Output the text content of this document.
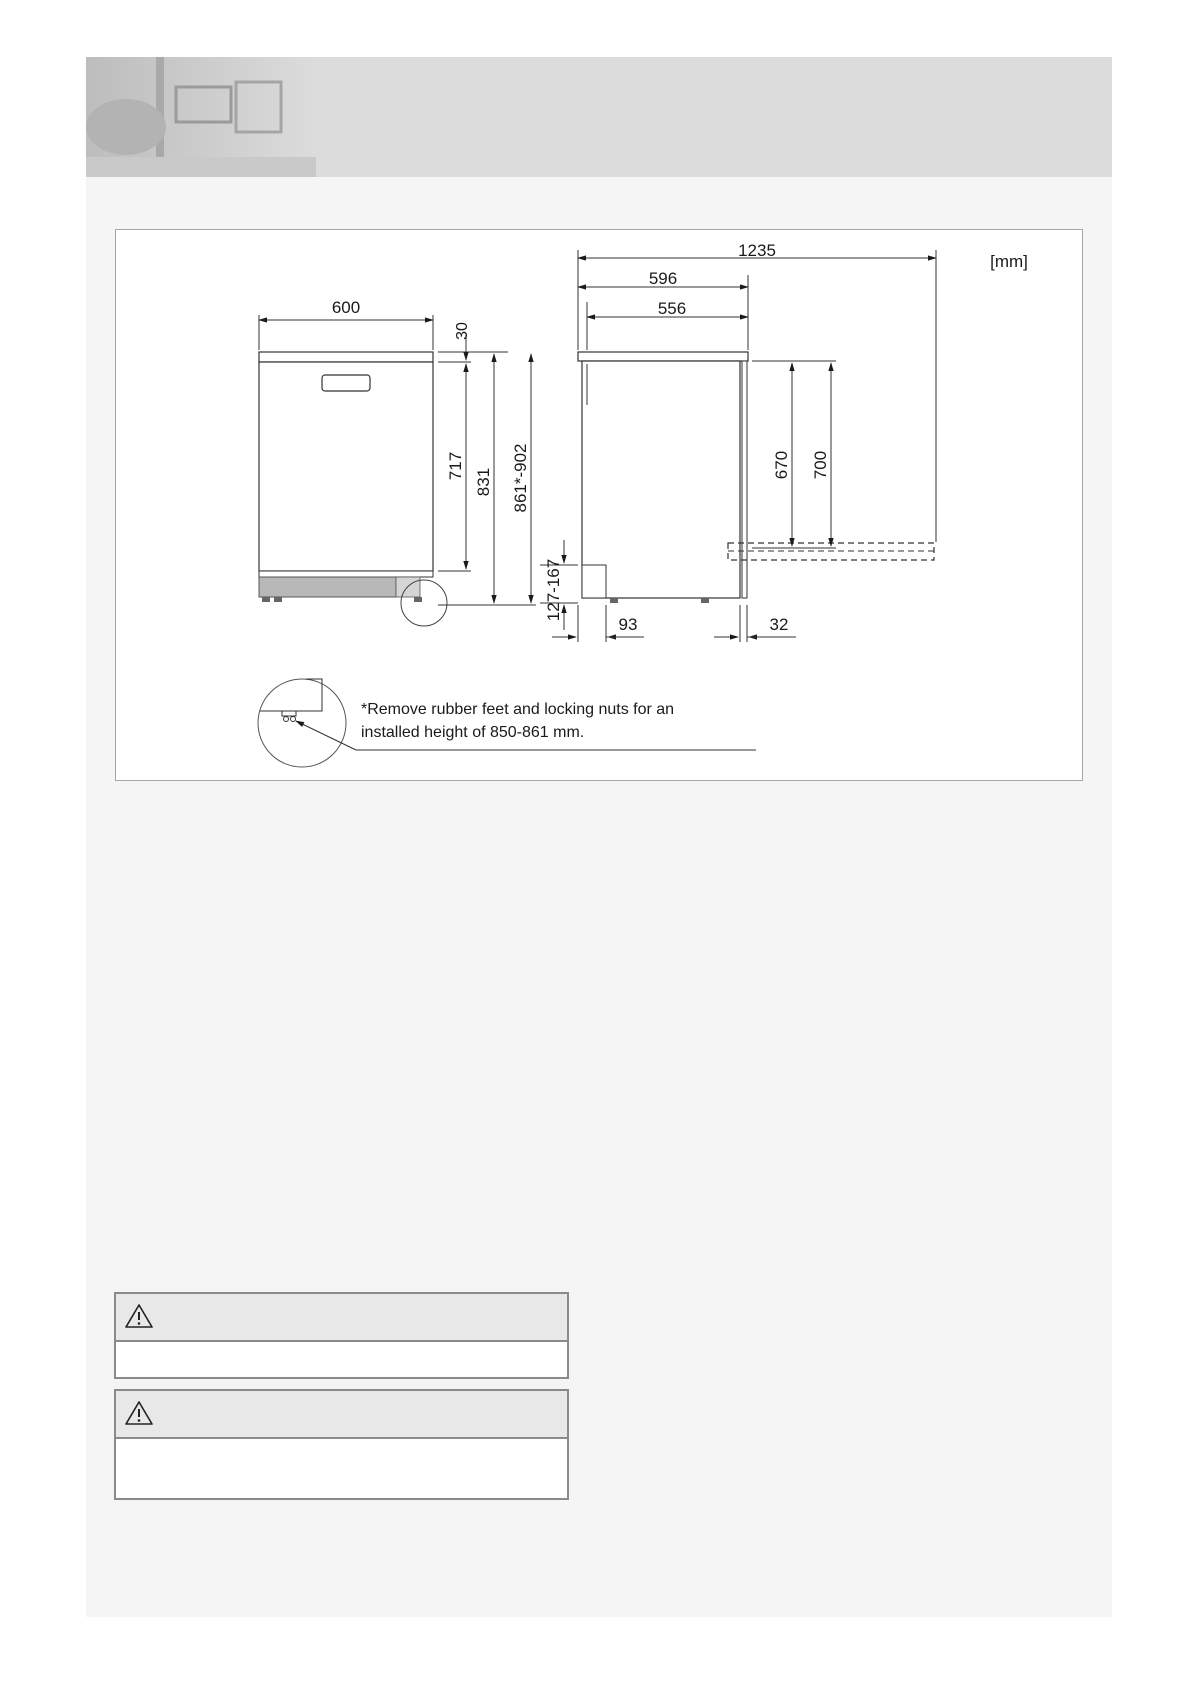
[mm]
600
30
717
831 861*-902
1235
596
556
670 700
127-167
93	32
*Remove rubber feet and locking nuts for an
installed height of 850-861 mm.
